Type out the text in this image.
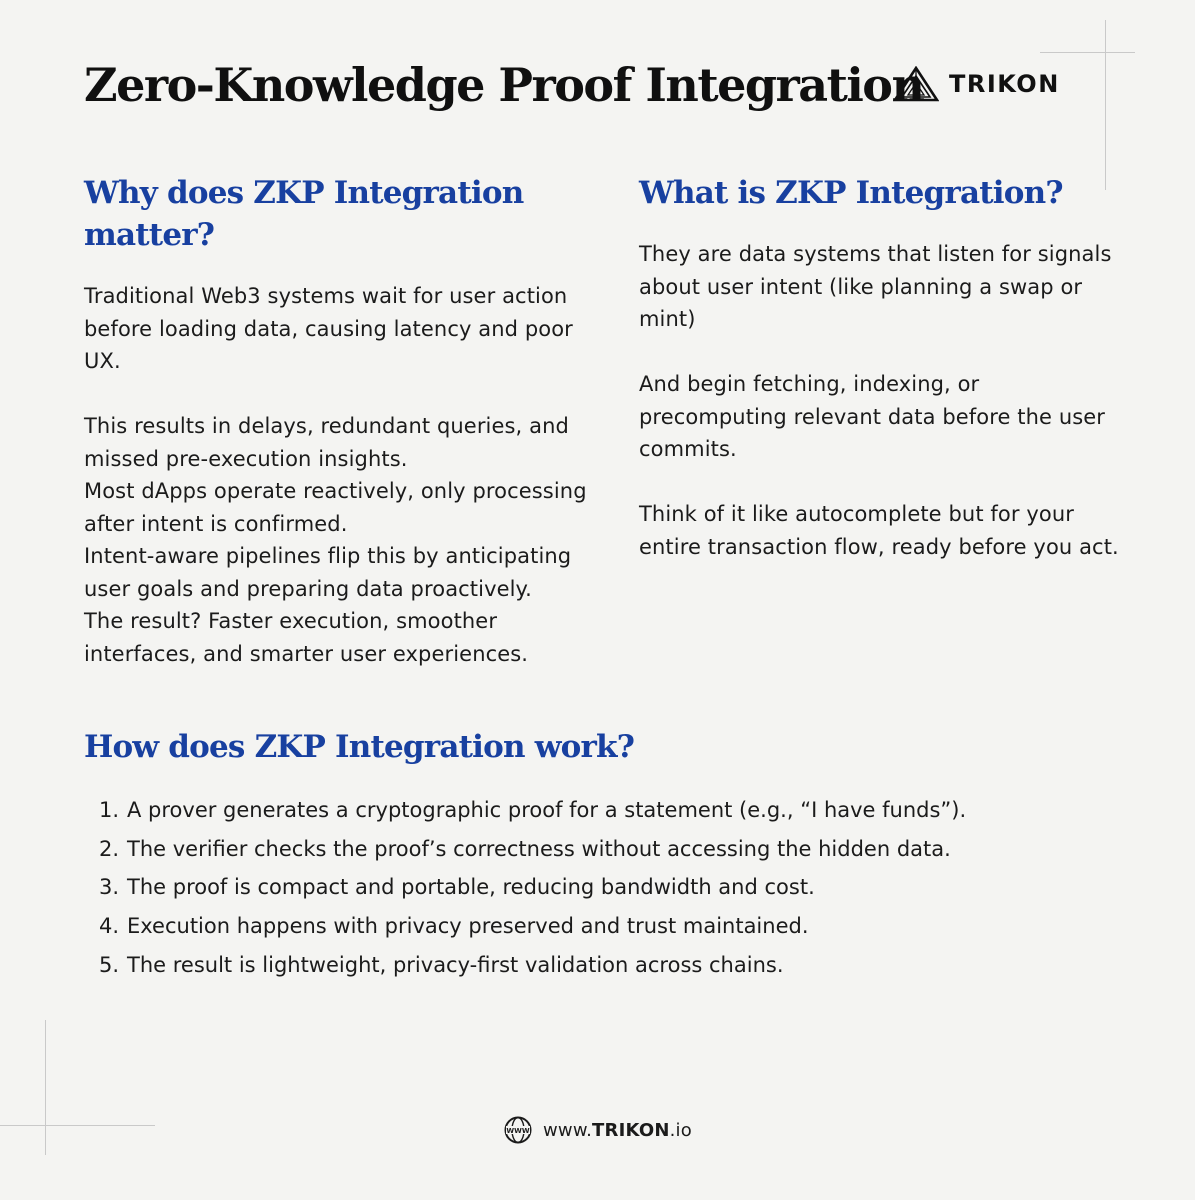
Zero-Knowledge Proof Integration TRIKON
Why does ZKP Integration matter?

Traditional Web3 systems wait for user action before loading data, causing latency and poor UX.

This results in delays, redundant queries, and missed pre-execution insights.

Most dApps operate reactively, only processing after intent is confirmed.

Intent-aware pipelines flip this by anticipating user goals and preparing data proactively.

The result? Faster execution, smoother interfaces, and smarter user experiences.

What is ZKP Integration?

They are data systems that listen for signals about user intent (like planning a swap or mint)

And begin fetching, indexing, or precomputing relevant data before the user commits.

Think of it like autocomplete but for your entire transaction flow, ready before you act.

How does ZKP Integration work?
1. A prover generates a cryptographic proof for a statement (e.g., “I have funds”).
2. The verifier checks the proof’s correctness without accessing the hidden data.
3. The proof is compact and portable, reducing bandwidth and cost.
4. Execution happens with privacy preserved and trust maintained.
5. The result is lightweight, privacy-first validation across chains.
WWW www.TRIKON.io
